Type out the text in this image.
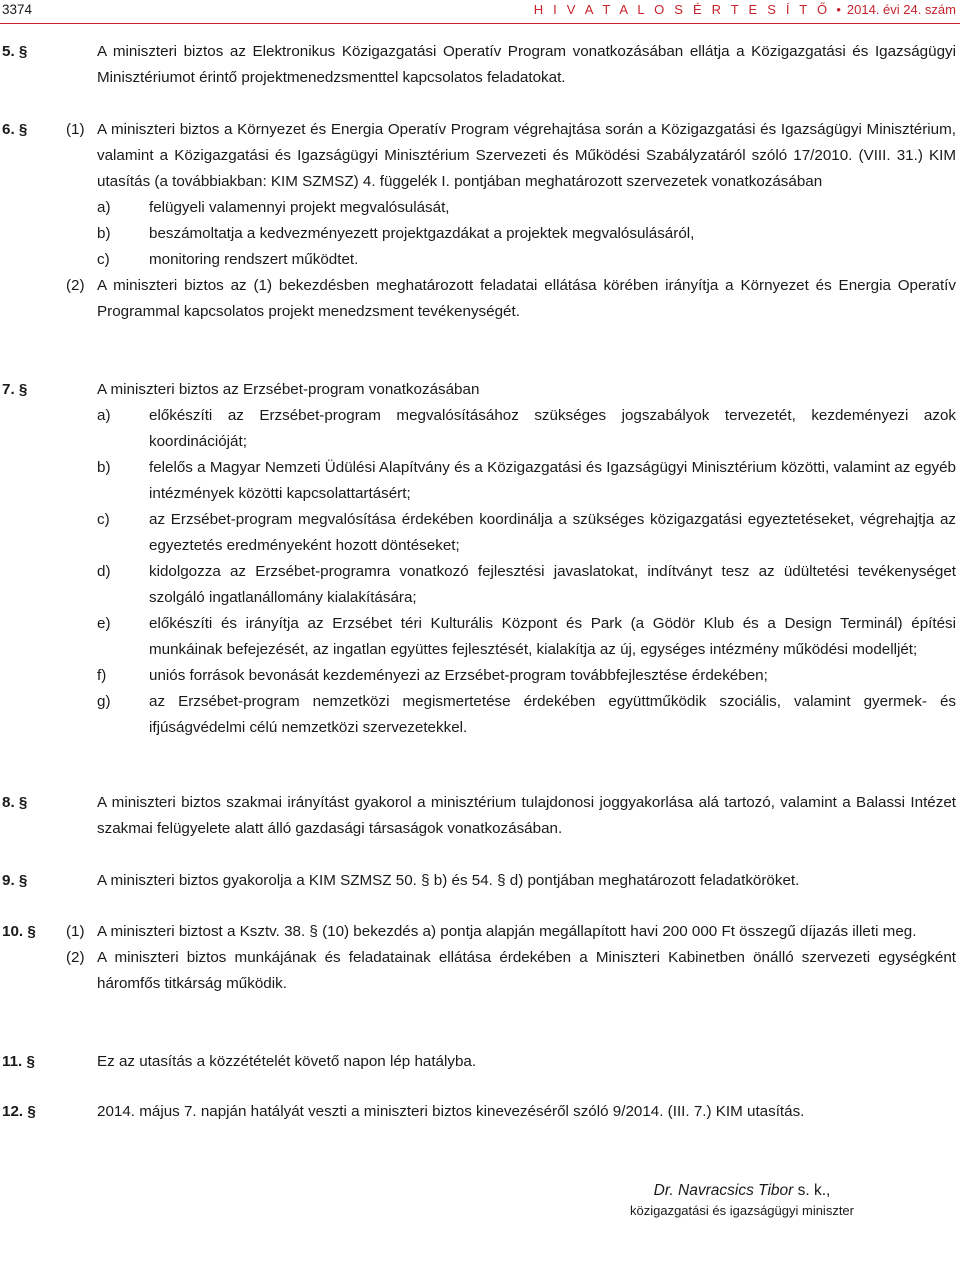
3374	H I V A T A L O S É R T E S Í T Ő • 2014. évi 24. szám
5. §	A miniszteri biztos az Elektronikus Közigazgatási Operatív Program vonatkozásában ellátja a Közigazgatási és Igazságügyi Minisztériumot érintő projektmenedzsmenttel kapcsolatos feladatokat.
6. §	(1) A miniszteri biztos a Környezet és Energia Operatív Program végrehajtása során a Közigazgatási és Igazságügyi Minisztérium, valamint a Közigazgatási és Igazságügyi Minisztérium Szervezeti és Működési Szabályzatáról szóló 17/2010. (VIII. 31.) KIM utasítás (a továbbiakban: KIM SZMSZ) 4. függelék I. pontjában meghatározott szervezetek vonatkozásában
a)	felügyeli valamennyi projekt megvalósulását,
b)	beszámoltatja a kedvezményezett projektgazdákat a projektek megvalósulásáról,
c)	monitoring rendszert működtet.
(2) A miniszteri biztos az (1) bekezdésben meghatározott feladatai ellátása körében irányítja a Környezet és Energia Operatív Programmal kapcsolatos projekt menedzsment tevékenységét.
7. §	A miniszteri biztos az Erzsébet-program vonatkozásában
a)	előkészíti az Erzsébet-program megvalósításához szükséges jogszabályok tervezetét, kezdeményezi azok koordinációját;
b)	felelős a Magyar Nemzeti Üdülési Alapítvány és a Közigazgatási és Igazságügyi Minisztérium közötti, valamint az egyéb intézmények közötti kapcsolattartásért;
c)	az Erzsébet-program megvalósítása érdekében koordinálja a szükséges közigazgatási egyeztetéseket, végrehajtja az egyeztetés eredményeként hozott döntéseket;
d)	kidolgozza az Erzsébet-programra vonatkozó fejlesztési javaslatokat, indítványt tesz az üdültetési tevékenységet szolgáló ingatlanállomány kialakítására;
e)	előkészíti és irányítja az Erzsébet téri Kulturális Központ és Park (a Gödör Klub és a Design Terminál) építési munkáinak befejezését, az ingatlan együttes fejlesztését, kialakítja az új, egységes intézmény működési modelljét;
f)	uniós források bevonását kezdeményezi az Erzsébet-program továbbfejlesztése érdekében;
g)	az Erzsébet-program nemzetközi megismertetése érdekében együttműködik szociális, valamint gyermek- és ifjúságvédelmi célú nemzetközi szervezetekkel.
8. §	A miniszteri biztos szakmai irányítást gyakorol a minisztérium tulajdonosi joggyakorlása alá tartozó, valamint a Balassi Intézet szakmai felügyelete alatt álló gazdasági társaságok vonatkozásában.
9. §	A miniszteri biztos gyakorolja a KIM SZMSZ 50. § b) és 54. § d) pontjában meghatározott feladatköröket.
10. § (1) A miniszteri biztost a Ksztv. 38. § (10) bekezdés a) pontja alapján megállapított havi 200 000 Ft összegű díjazás illeti meg.
(2) A miniszteri biztos munkájának és feladatainak ellátása érdekében a Miniszteri Kabinetben önálló szervezeti egységként háromfős titkárság működik.
11. §	Ez az utasítás a közzétételét követő napon lép hatályba.
12. §	2014. május 7. napján hatályát veszti a miniszteri biztos kinevezéséről szóló 9/2014. (III. 7.) KIM utasítás.
Dr. Navracsics Tibor s. k.,
közigazgatási és igazságügyi miniszter
